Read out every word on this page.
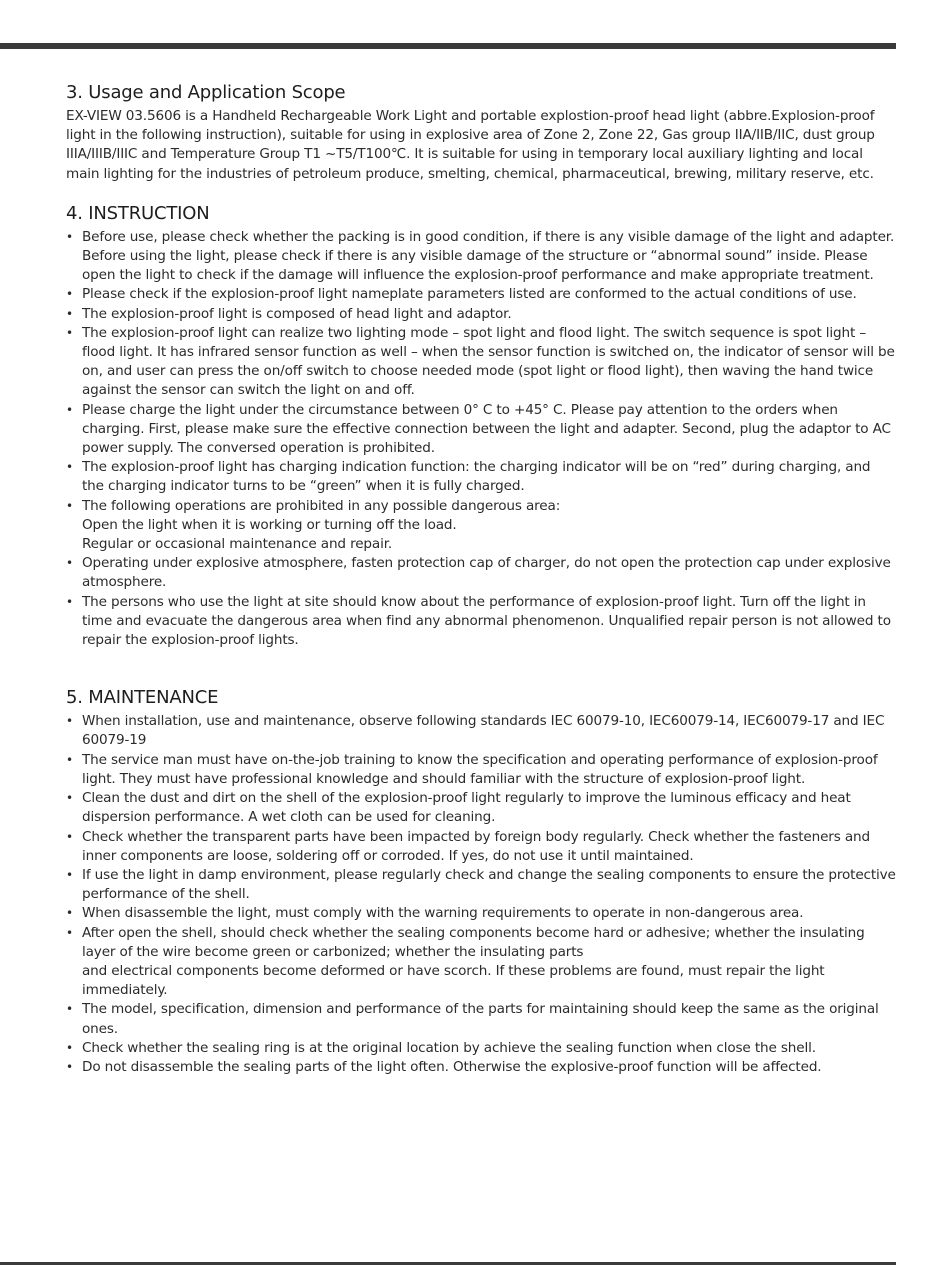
3. Usage and Application Scope

EX-VIEW 03.5606 is a Handheld Rechargeable Work Light and portable explostion-proof head light (abbre.Explosion-proof light in the following instruction), suitable for using in explosive area of Zone 2, Zone 22, Gas group IIA/IIB/IIC, dust group IIIA/IIIB/IIIC and Temperature Group T1 ~T5/T100℃. It is suitable for using in temporary local auxiliary lighting and local main lighting for the industries of petroleum produce, smelting, chemical, pharmaceutical, brewing, military reserve, etc.

4. INSTRUCTION
• Before use, please check whether the packing is in good condition, if there is any visible damage of the light and adapter. Before using the light, please check if there is any visible damage of the structure or “abnormal sound” inside. Please open the light to check if the damage will influence the explosion-proof performance and make appropriate treatment.
• Please check if the explosion-proof light nameplate parameters listed are conformed to the actual conditions of use.
• The explosion-proof light is composed of head light and adaptor.
• The explosion-proof light can realize two lighting mode – spot light and flood light. The switch sequence is spot light – flood light. It has infrared sensor function as well – when the sensor function is switched on, the indicator of sensor will be on, and user can press the on/off switch to choose needed mode (spot light or flood light), then waving the hand twice against the sensor can switch the light on and off.
• Please charge the light under the circumstance between 0° C to +45° C. Please pay attention to the orders when charging. First, please make sure the effective connection between the light and adapter. Second, plug the adaptor to AC power supply. The conversed operation is prohibited.
• The explosion-proof light has charging indication function: the charging indicator will be on “red” during charging, and the charging indicator turns to be “green” when it is fully charged.
• The following operations are prohibited in any possible dangerous area:
Open the light when it is working or turning off the load.
Regular or occasional maintenance and repair.
• Operating under explosive atmosphere, fasten protection cap of charger, do not open the protection cap under explosive atmosphere.
• The persons who use the light at site should know about the performance of explosion-proof light. Turn off the light in time and evacuate the dangerous area when find any abnormal phenomenon. Unqualified repair person is not allowed to repair the explosion-proof lights.
5. MAINTENANCE
• When installation, use and maintenance, observe following standards IEC 60079-10, IEC60079-14, IEC60079-17 and IEC 60079-19
• The service man must have on-the-job training to know the specification and operating performance of explosion-proof light. They must have professional knowledge and should familiar with the structure of explosion-proof light.
• Clean the dust and dirt on the shell of the explosion-proof light regularly to improve the luminous efficacy and heat dispersion performance. A wet cloth can be used for cleaning.
• Check whether the transparent parts have been impacted by foreign body regularly. Check whether the fasteners and inner components are loose, soldering off or corroded. If yes, do not use it until maintained.
• If use the light in damp environment, please regularly check and change the sealing components to ensure the protective performance of the shell.
• When disassemble the light, must comply with the warning requirements to operate in non-dangerous area.
• After open the shell, should check whether the sealing components become hard or adhesive; whether the insulating layer of the wire become green or carbonized; whether the insulating parts
and electrical components become deformed or have scorch. If these problems are found, must repair the light immediately.
• The model, specification, dimension and performance of the parts for maintaining should keep the same as the original ones.
• Check whether the sealing ring is at the original location by achieve the sealing function when close the shell.
• Do not disassemble the sealing parts of the light often. Otherwise the explosive-proof function will be affected.
